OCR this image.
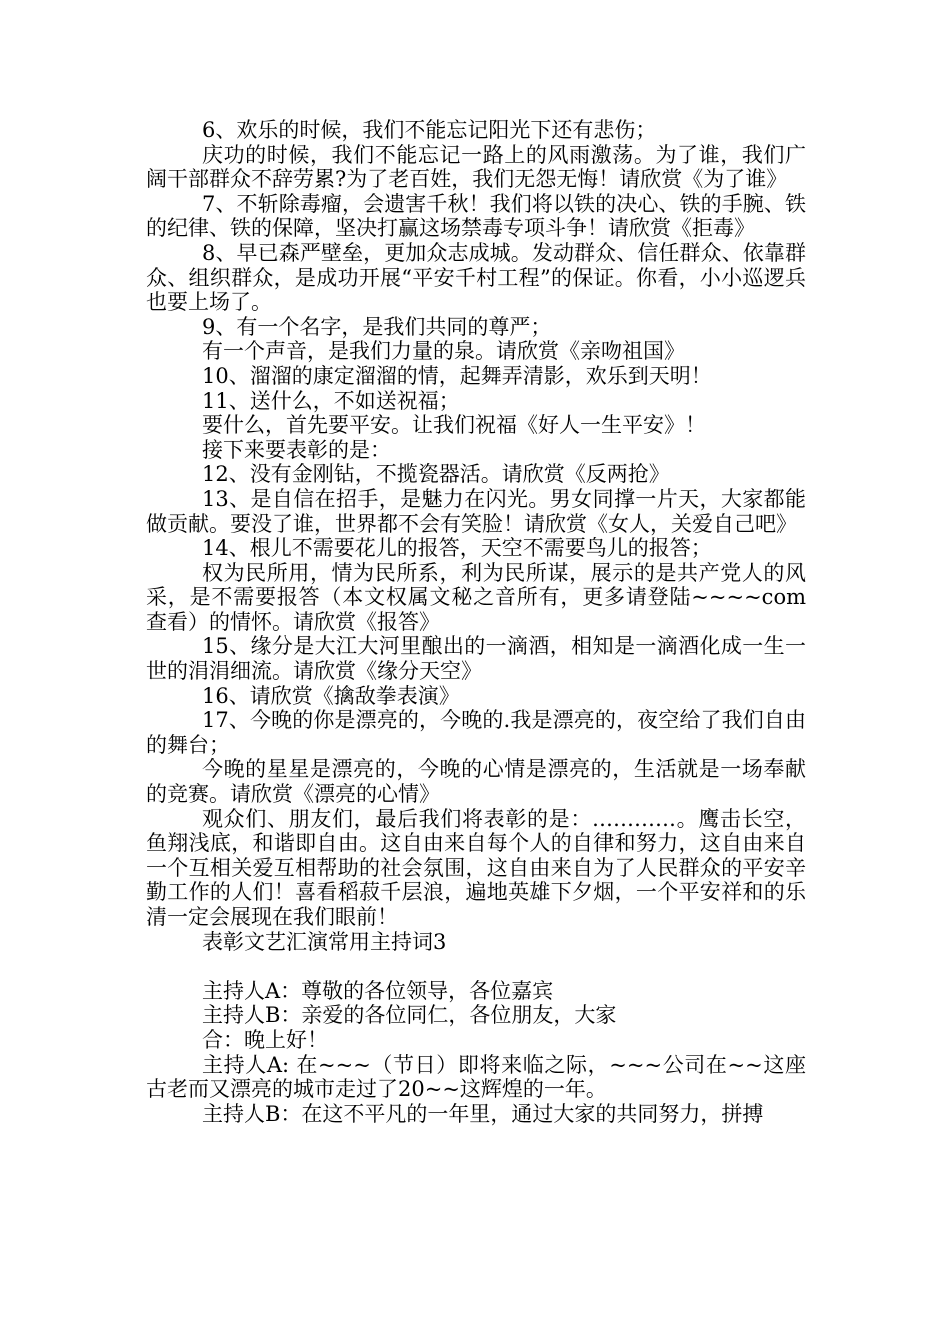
6、欢乐的时候，我们不能忘记阳光下还有悲伤；

庆功的时候，我们不能忘记一路上的风雨激荡。为了谁，我们广阔干部群众不辞劳累?为了老百姓，我们无怨无悔！请欣赏《为了谁》

7、不斩除毒瘤，会遗害千秋！我们将以铁的决心、铁的手腕、铁的纪律、铁的保障，坚决打赢这场禁毒专项斗争！请欣赏《拒毒》

8、早已森严壁垒，更加众志成城。发动群众、信任群众、依靠群众、组织群众，是成功开展“平安千村工程”的保证。你看，小小巡逻兵也要上场了。

9、有一个名字，是我们共同的尊严；

有一个声音，是我们力量的泉。请欣赏《亲吻祖国》

10、溜溜的康定溜溜的情，起舞弄清影，欢乐到天明！

11、送什么，不如送祝福；

要什么，首先要平安。让我们祝福《好人一生平安》！

接下来要表彰的是：

12、没有金刚钻，不揽瓷器活。请欣赏《反两抢》

13、是自信在招手，是魅力在闪光。男女同撑一片天，大家都能做贡献。要没了谁，世界都不会有笑脸！请欣赏《女人，关爱自己吧》

14、根儿不需要花儿的报答，天空不需要鸟儿的报答；

权为民所用，情为民所系，利为民所谋，展示的是共产党人的风采，是不需要报答（本文权属文秘之音所有，更多请登陆~~~~com查看）的情怀。请欣赏《报答》

15、缘分是大江大河里酿出的一滴酒，相知是一滴酒化成一生一世的涓涓细流。请欣赏《缘分天空》

16、请欣赏《擒敌拳表演》

17、今晚的你是漂亮的，今晚的.我是漂亮的，夜空给了我们自由的舞台；

今晚的星星是漂亮的，今晚的心情是漂亮的，生活就是一场奉献的竞赛。请欣赏《漂亮的心情》

观众们、朋友们，最后我们将表彰的是：…………。鹰击长空，鱼翔浅底，和谐即自由。这自由来自每个人的自律和努力，这自由来自一个互相关爱互相帮助的社会氛围，这自由来自为了人民群众的平安辛勤工作的人们！喜看稻菽千层浪，遍地英雄下夕烟，一个平安祥和的乐清一定会展现在我们眼前！

表彰文艺汇演常用主持词3

主持人A：尊敬的各位领导，各位嘉宾

主持人B：亲爱的各位同仁，各位朋友，大家

合：晚上好！

主持人A: 在~~~（节日）即将来临之际，~~~公司在~~这座古老而又漂亮的城市走过了20~~这辉煌的一年。

主持人B：在这不平凡的一年里，通过大家的共同努力，拼搏
